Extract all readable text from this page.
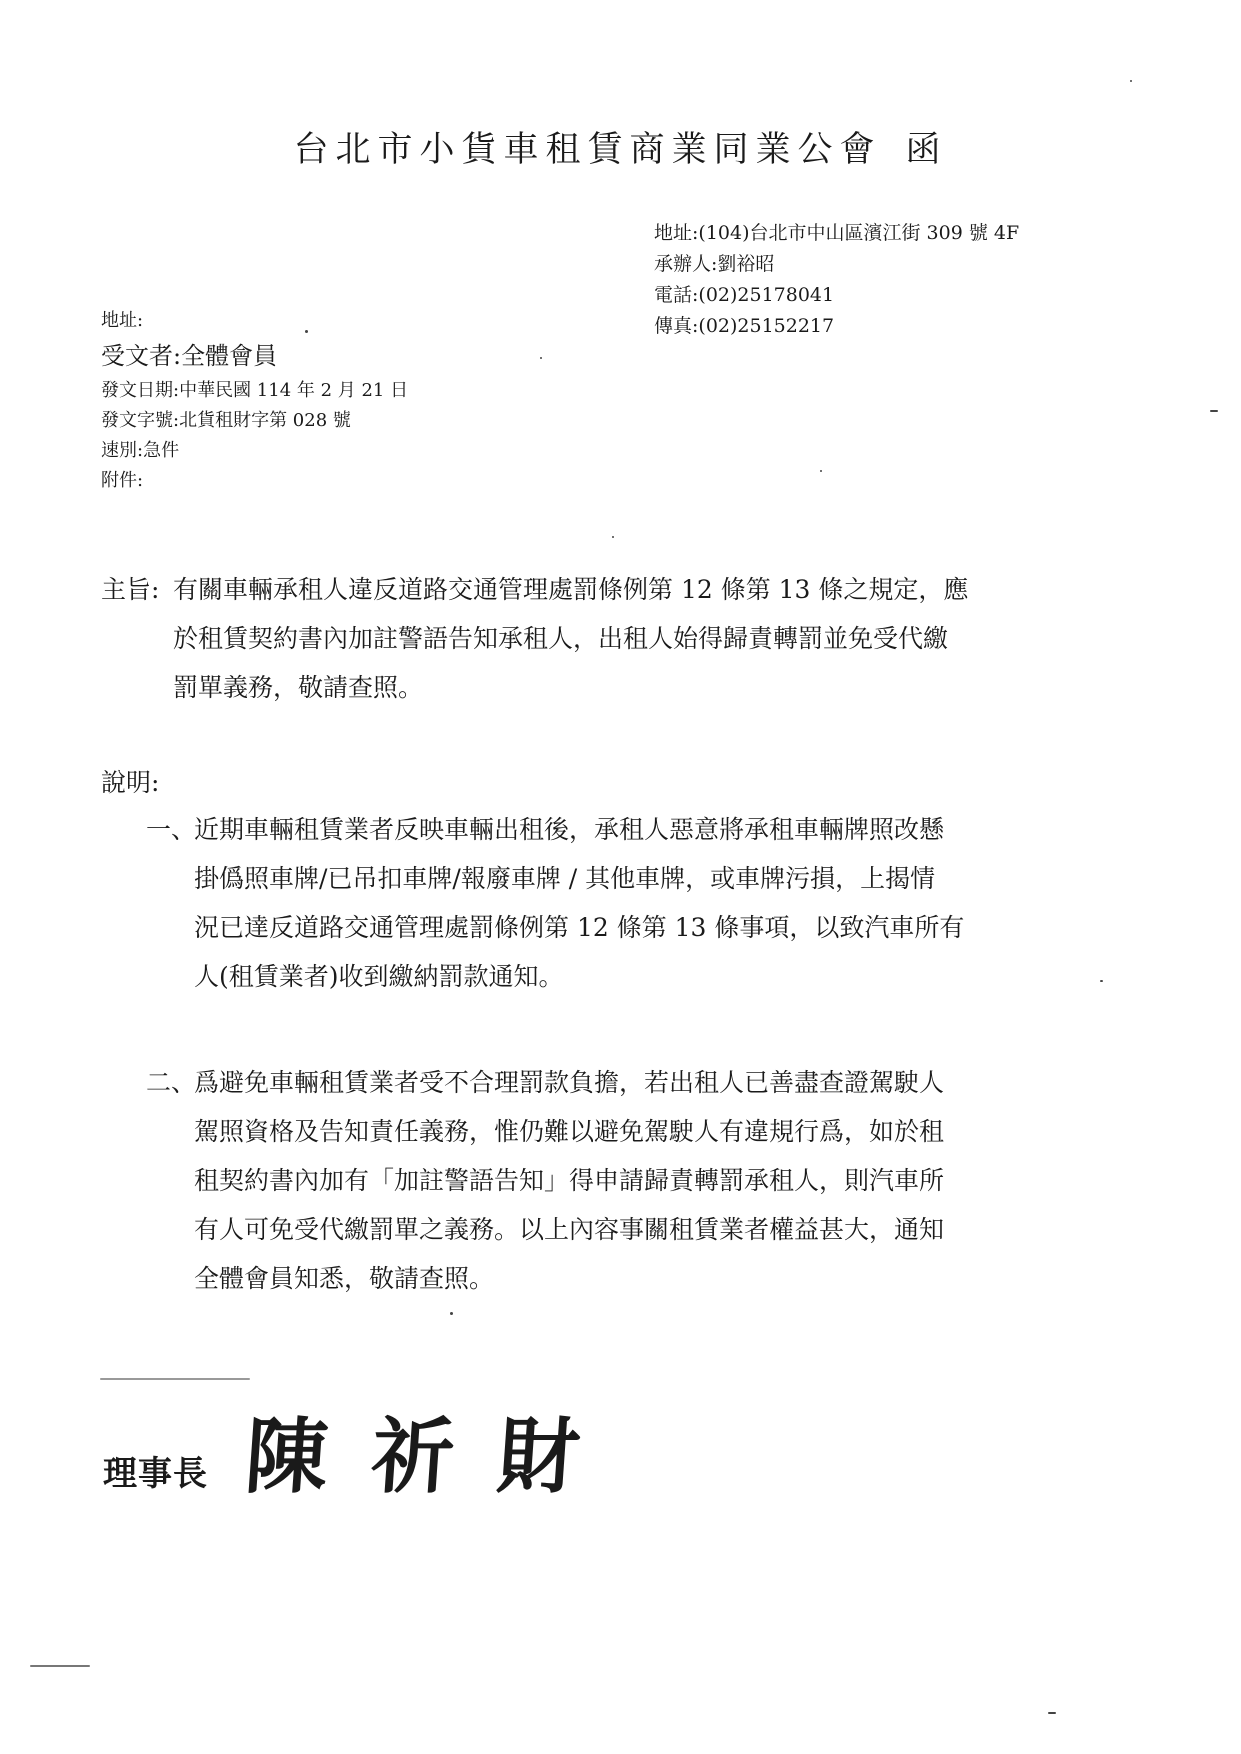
台北市小貨車租賃商業同業公會 函
地址:(104)台北市中山區濱江街 309 號 4F
承辦人:劉裕昭
電話:(02)25178041
傳真:(02)25152217
地址:
受文者:全體會員
發文日期:中華民國 114 年 2 月 21 日
發文字號:北貨租財字第 028 號
速別:急件
附件:
主旨: 有關車輛承租人違反道路交通管理處罰條例第 12 條第 13 條之規定，應
於租賃契約書內加註警語告知承租人，出租人始得歸責轉罰並免受代繳
罰單義務，敬請查照。
說明:
一、近期車輛租賃業者反映車輛出租後，承租人惡意將承租車輛牌照改懸
掛僞照車牌/已吊扣車牌/報廢車牌 / 其他車牌，或車牌污損，上揭情
況已達反道路交通管理處罰條例第 12 條第 13 條事項，以致汽車所有
人(租賃業者)收到繳納罰款通知。
二、爲避免車輛租賃業者受不合理罰款負擔，若出租人已善盡查證駕駛人
駕照資格及告知責任義務，惟仍難以避免駕駛人有違規行爲，如於租
租契約書內加有「加註警語告知」得申請歸責轉罰承租人，則汽車所
有人可免受代繳罰單之義務。以上內容事關租賃業者權益甚大，通知
全體會員知悉，敬請查照。
理事長 陳祈財
